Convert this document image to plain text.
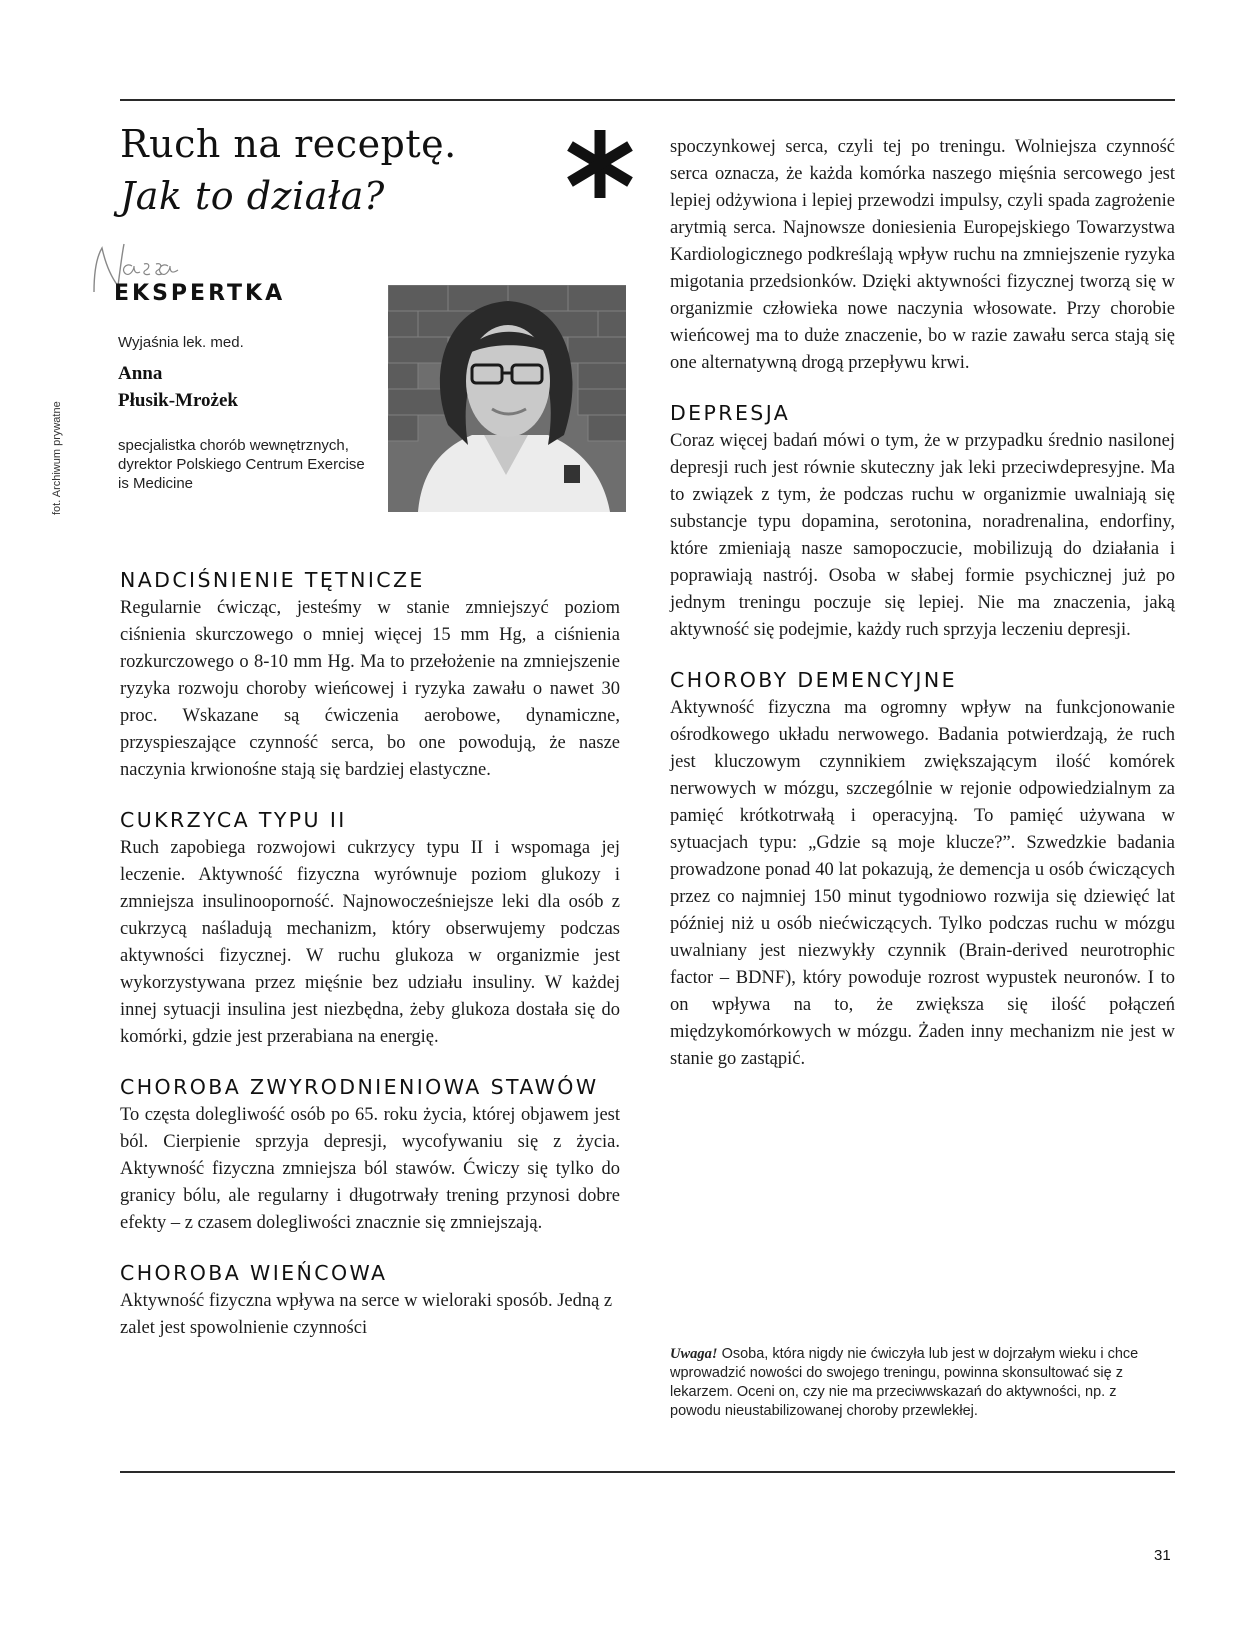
Ruch na receptę.
Jak to działa?
EKSPERTKA
fot. Archiwum prywatne

Wyjaśnia lek. med.

Anna
Płusik-Mrożek

specjalistka chorób wewnętrznych, dyrektor Polskiego Centrum Exercise is Medicine

NADCIŚNIENIE TĘTNICZE

Regularnie ćwicząc, jesteśmy w stanie zmniejszyć poziom ciśnienia skurczowego o mniej więcej 15 mm Hg, a ciśnienia rozkurczowego o 8-10 mm Hg. Ma to przełożenie na zmniejszenie ryzyka rozwoju choroby wieńcowej i ryzyka zawału o nawet 30 proc. Wskazane są ćwiczenia aerobowe, dynamiczne, przyspieszające czynność serca, bo one powodują, że nasze naczynia krwionośne stają się bardziej elastyczne.

CUKRZYCA TYPU II

Ruch zapobiega rozwojowi cukrzycy typu II i wspomaga jej leczenie. Aktywność fizyczna wyrównuje poziom glukozy i zmniejsza insulinooporność. Najnowocześniejsze leki dla osób z cukrzycą naśladują mechanizm, który obserwujemy podczas aktywności fizycznej. W ruchu glukoza w organizmie jest wykorzystywana przez mięśnie bez udziału insuliny. W każdej innej sytuacji insulina jest niezbędna, żeby glukoza dostała się do komórki, gdzie jest przerabiana na energię.

CHOROBA ZWYRODNIENIOWA STAWÓW

To częsta dolegliwość osób po 65. roku życia, której objawem jest ból. Cierpienie sprzyja depresji, wycofywaniu się z życia. Aktywność fizyczna zmniejsza ból stawów. Ćwiczy się tylko do granicy bólu, ale regularny i długotrwały trening przynosi dobre efekty – z czasem dolegliwości znacznie się zmniejszają.

CHOROBA WIEŃCOWA

Aktywność fizyczna wpływa na serce w wieloraki sposób. Jedną z zalet jest spowolnienie czynności

spoczynkowej serca, czyli tej po treningu. Wolniejsza czynność serca oznacza, że każda komórka naszego mięśnia sercowego jest lepiej odżywiona i lepiej przewodzi impulsy, czyli spada zagrożenie arytmią serca. Najnowsze doniesienia Europejskiego Towarzystwa Kardiologicznego podkreślają wpływ ruchu na zmniejszenie ryzyka migotania przedsionków. Dzięki aktywności fizycznej tworzą się w organizmie człowieka nowe naczynia włosowate. Przy chorobie wieńcowej ma to duże znaczenie, bo w razie zawału serca stają się one alternatywną drogą przepływu krwi.

DEPRESJA

Coraz więcej badań mówi o tym, że w przypadku średnio nasilonej depresji ruch jest równie skuteczny jak leki przeciwdepresyjne. Ma to związek z tym, że podczas ruchu w organizmie uwalniają się substancje typu dopamina, serotonina, noradrenalina, endorfiny, które zmieniają nasze samopoczucie, mobilizują do działania i poprawiają nastrój. Osoba w słabej formie psychicznej już po jednym treningu poczuje się lepiej. Nie ma znaczenia, jaką aktywność się podejmie, każdy ruch sprzyja leczeniu depresji.

CHOROBY DEMENCYJNE

Aktywność fizyczna ma ogromny wpływ na funkcjonowanie ośrodkowego układu nerwowego. Badania potwierdzają, że ruch jest kluczowym czynnikiem zwiększającym ilość komórek nerwowych w mózgu, szczególnie w rejonie odpowiedzialnym za pamięć krótkotrwałą i operacyjną. To pamięć używana w sytuacjach typu: „Gdzie są moje klucze?”. Szwedzkie badania prowadzone ponad 40 lat pokazują, że demencja u osób ćwiczących przez co najmniej 150 minut tygodniowo rozwija się dziewięć lat później niż u osób niećwiczących. Tylko podczas ruchu w mózgu uwalniany jest niezwykły czynnik (Brain-derived neurotrophic factor – BDNF), który powoduje rozrost wypustek neuronów. I to on wpływa na to, że zwiększa się ilość połączeń międzykomórkowych w mózgu. Żaden inny mechanizm nie jest w stanie go zastąpić.

Uwaga! Osoba, która nigdy nie ćwiczyła lub jest w dojrzałym wieku i chce wprowadzić nowości do swojego treningu, powinna skonsultować się z lekarzem. Oceni on, czy nie ma przeciwwskazań do aktywności, np. z powodu nieustabilizowanej choroby przewlekłej.
31
